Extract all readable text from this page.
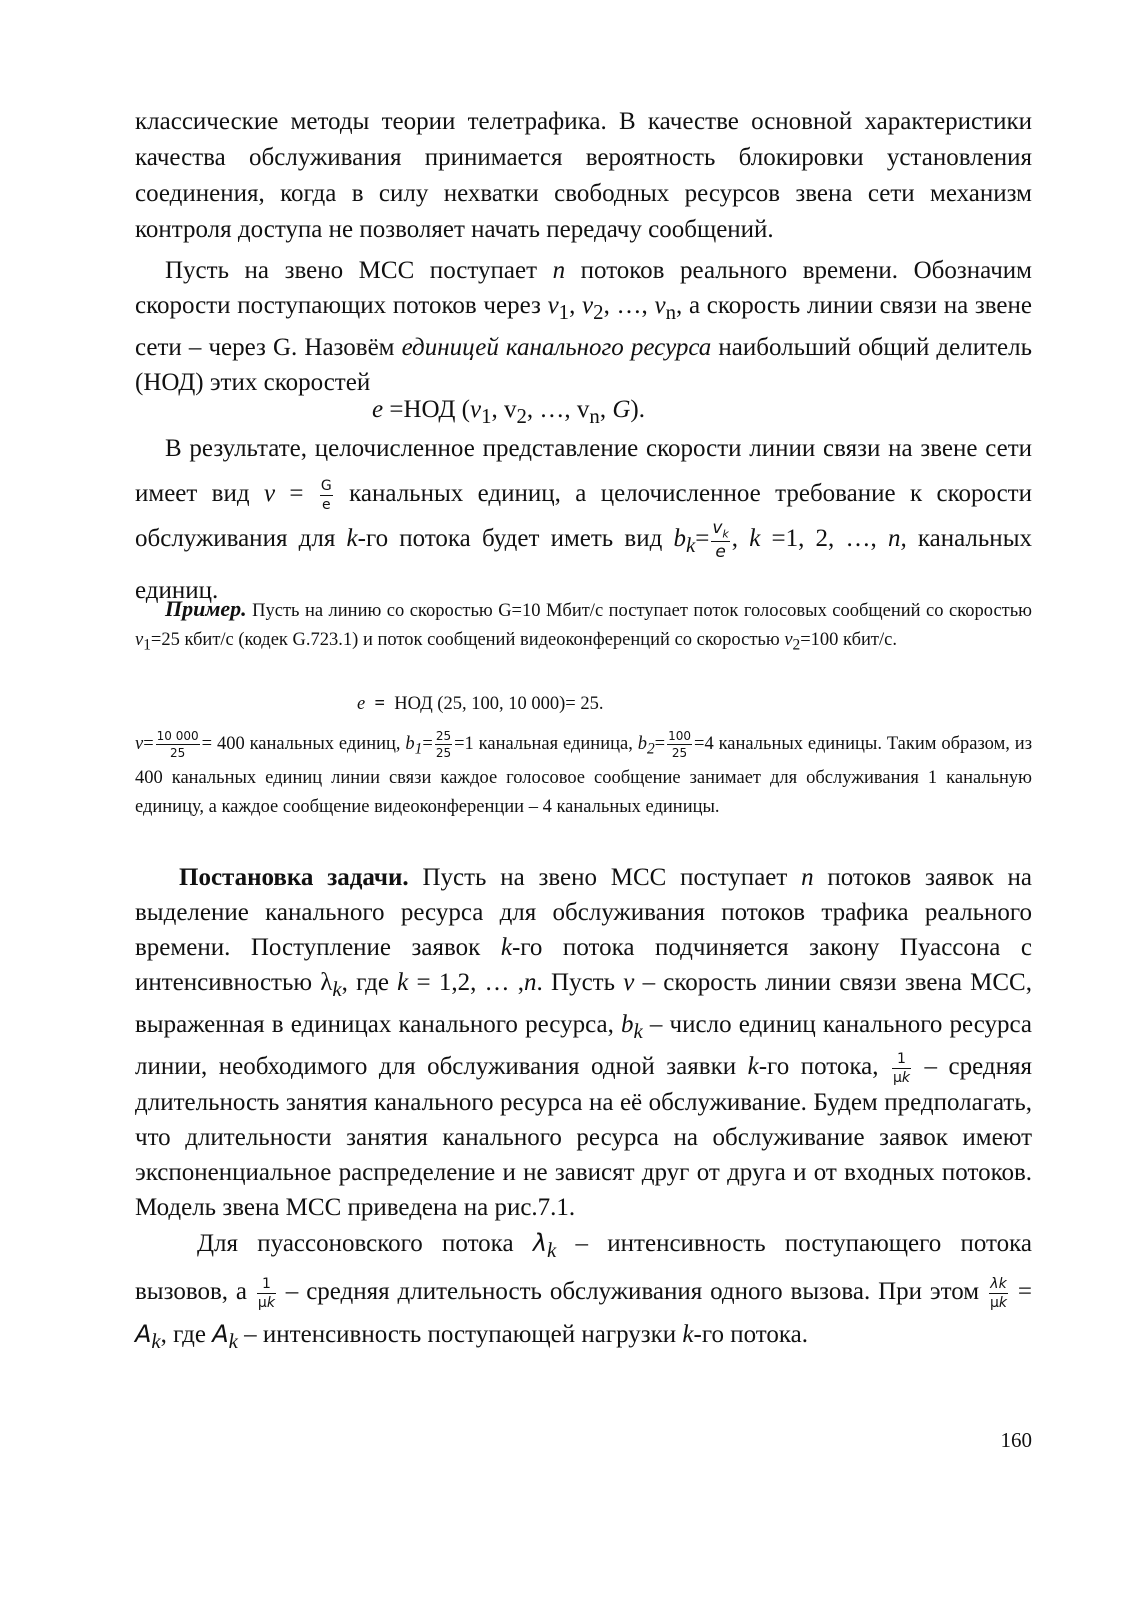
классические методы теории телетрафика. В качестве основной характеристики качества обслуживания принимается вероятность блокировки установления соединения, когда в силу нехватки свободных ресурсов звена сети механизм контроля доступа не позволяет начать передачу сообщений.

Пусть на звено МСС поступает n потоков реального времени. Обозначим скорости поступающих потоков через $v_1$, $v_2$, …, $v_n$, а скорость линии связи на звене сети – через G. Назовём единицей канального ресурса наибольший общий делитель (НОД) этих скоростей

e =НОД ($v_1$, $v_2$, …, $v_n$, G).

В результате, целочисленное представление скорости линии связи на звене сети имеет вид $v = \frac{G}{e}$ канальных единиц, а целочисленное требование к скорости обслуживания для k-го потока будет иметь вид $b_k= \frac{v_k}{e}$ , k =1, 2, …, n, канальных единиц.

Пример. Пусть на линию со скоростью G=10 Мбит/с поступает поток голосовых сообщений со скоростью $v_1=25$ кбит/с (кодек G.723.1) и поток сообщений видеоконференций со скоростью $v_2=100$ кбит/с.

e  =  НОД (25, 100, 10 000)= 25.

$v= \frac{10 000}{25} = 400$ канальных единиц, $b_1= \frac{25}{25} =1$ канальная единица, $b_2= \frac{100}{25} =4$ канальных единицы. Таким образом, из 400 канальных единиц линии связи каждое голосовое сообщение занимает для обслуживания 1 канальную единицу, а каждое сообщение видеоконференции – 4 канальных единицы.

Постановка задачи. Пусть на звено МСС поступает n потоков заявок на выделение канального ресурса для обслуживания потоков трафика реального времени. Поступление заявок k-го потока подчиняется закону Пуассона с интенсивностью $\lambda_k$, где k = 1,2, … ,n. Пусть v – скорость линии связи звена МСС, выраженная в единицах канального ресурса, $b_k$ – число единиц канального ресурса линии, необходимого для обслуживания одной заявки k-го потока, $\frac{1}{\mu k}$ – средняя длительность занятия канального ресурса на её обслуживание. Будем предполагать, что длительности занятия канального ресурса на обслуживание заявок имеют экспоненциальное распределение и не зависят друг от друга и от входных потоков. Модель звена МСС приведена на рис.7.1.

Для пуассоновского потока $\lambda_k$ – интенсивность поступающего потока вызовов, а $\frac{1}{\mu k}$ – средняя длительность обслуживания одного вызова. При этом $\frac{\lambda k}{\mu k} = A_k$, где $A_k$ – интенсивность поступающей нагрузки k-го потока.

160
